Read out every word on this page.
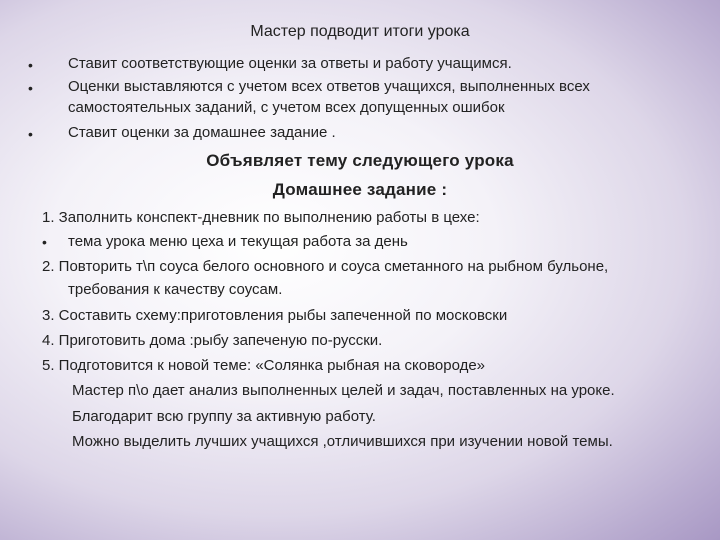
Мастер подводит итоги урока
• Ставит соответствующие оценки за ответы и работу учащимся.
• Оценки выставляются с учетом всех ответов учащихся, выполненных всех
самостоятельных заданий, с учетом всех допущенных ошибок
• Ставит оценки за домашнее задание .
Объявляет тему следующего урока
Домашнее задание :
1. Заполнить конспект-дневник по выполнению работы в цехе:
• тема урока меню цеха и текущая работа за день
2. Повторить т\п соуса белого основного и соуса сметанного на рыбном бульоне,
требования к качеству соусам.
3. Составить схему:приготовления рыбы запеченной по московски
4. Приготовить дома :рыбу запеченую по-русски.
5. Подготовится к новой теме: «Солянка рыбная на сковороде»
Мастер п\о дает анализ выполненных целей и задач, поставленных на уроке.
Благодарит всю группу за активную работу.
Можно выделить лучших учащихся ,отличившихся при изучении новой темы.
